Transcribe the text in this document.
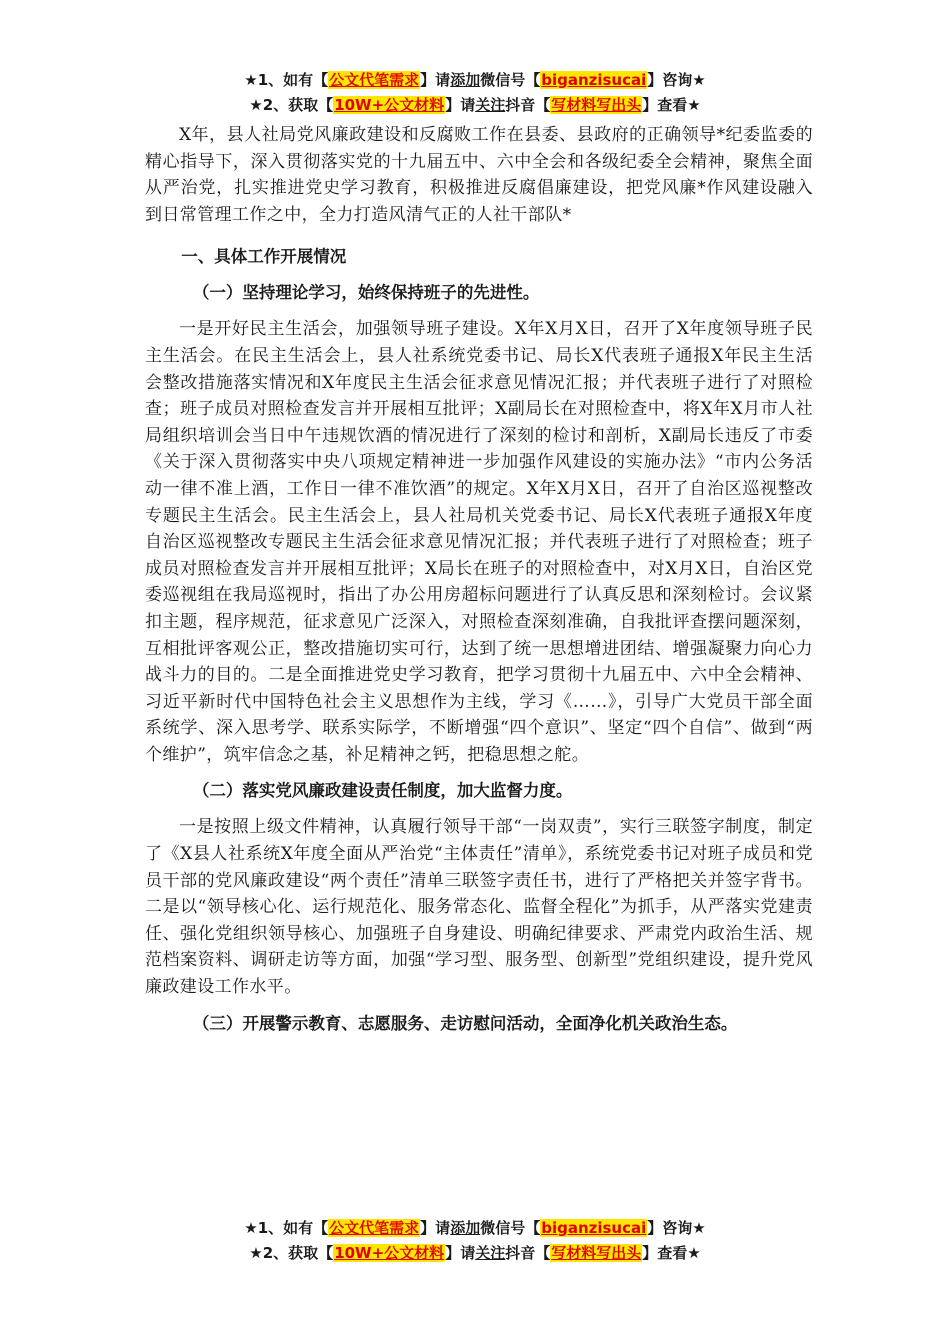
★1、如有【公文代笔需求】请添加微信号【biganzisucai】咨询★
★2、获取【10W+公文材料】请关注抖音【写材料写出头】查看★

X年，县人社局党风廉政建设和反腐败工作在县委、县政府的正确领导*纪委监委的精心指导下，深入贯彻落实党的十九届五中、六中全会和各级纪委全会精神，聚焦全面从严治党，扎实推进党史学习教育，积极推进反腐倡廉建设，把党风廉*作风建设融入到日常管理工作之中，全力打造风清气正的人社干部队*

一、具体工作开展情况
（一）坚持理论学习，始终保持班子的先进性。

一是开好民主生活会，加强领导班子建设。X年X月X日，召开了X年度领导班子民主生活会。在民主生活会上，县人社系统党委书记、局长X代表班子通报X年民主生活会整改措施落实情况和X年度民主生活会征求意见情况汇报；并代表班子进行了对照检查；班子成员对照检查发言并开展相互批评；X副局长在对照检查中，将X年X月市人社局组织培训会当日中午违规饮酒的情况进行了深刻的检讨和剖析，X副局长违反了市委《关于深入贯彻落实中央八项规定精神进一步加强作风建设的实施办法》“市内公务活动一律不准上酒，工作日一律不准饮酒”的规定。X年X月X日，召开了自治区巡视整改专题民主生活会。民主生活会上，县人社局机关党委书记、局长X代表班子通报X年度自治区巡视整改专题民主生活会征求意见情况汇报；并代表班子进行了对照检查；班子成员对照检查发言并开展相互批评；X局长在班子的对照检查中，对X月X日，自治区党委巡视组在我局巡视时，指出了办公用房超标问题进行了认真反思和深刻检讨。会议紧扣主题，程序规范，征求意见广泛深入，对照检查深刻准确，自我批评查摆问题深刻，互相批评客观公正，整改措施切实可行，达到了统一思想增进团结、增强凝聚力向心力战斗力的目的。二是全面推进党史学习教育，把学习贯彻十九届五中、六中全会精神、习近平新时代中国特色社会主义思想作为主线，学习《……》，引导广大党员干部全面系统学、深入思考学、联系实际学，不断增强“四个意识”、坚定“四个自信”、做到“两个维护”，筑牢信念之基，补足精神之钙，把稳思想之舵。

（二）落实党风廉政建设责任制度，加大监督力度。

一是按照上级文件精神，认真履行领导干部“一岗双责”，实行三联签字制度，制定了《X县人社系统X年度全面从严治党“主体责任”清单》，系统党委书记对班子成员和党员干部的党风廉政建设“两个责任”清单三联签字责任书，进行了严格把关并签字背书。二是以“领导核心化、运行规范化、服务常态化、监督全程化”为抓手，从严落实党建责任、强化党组织领导核心、加强班子自身建设、明确纪律要求、严肃党内政治生活、规范档案资料、调研走访等方面，加强“学习型、服务型、创新型”党组织建设，提升党风廉政建设工作水平。

（三）开展警示教育、志愿服务、走访慰问活动，全面净化机关政治生态。
★1、如有【公文代笔需求】请添加微信号【biganzisucai】咨询★
★2、获取【10W+公文材料】请关注抖音【写材料写出头】查看★
